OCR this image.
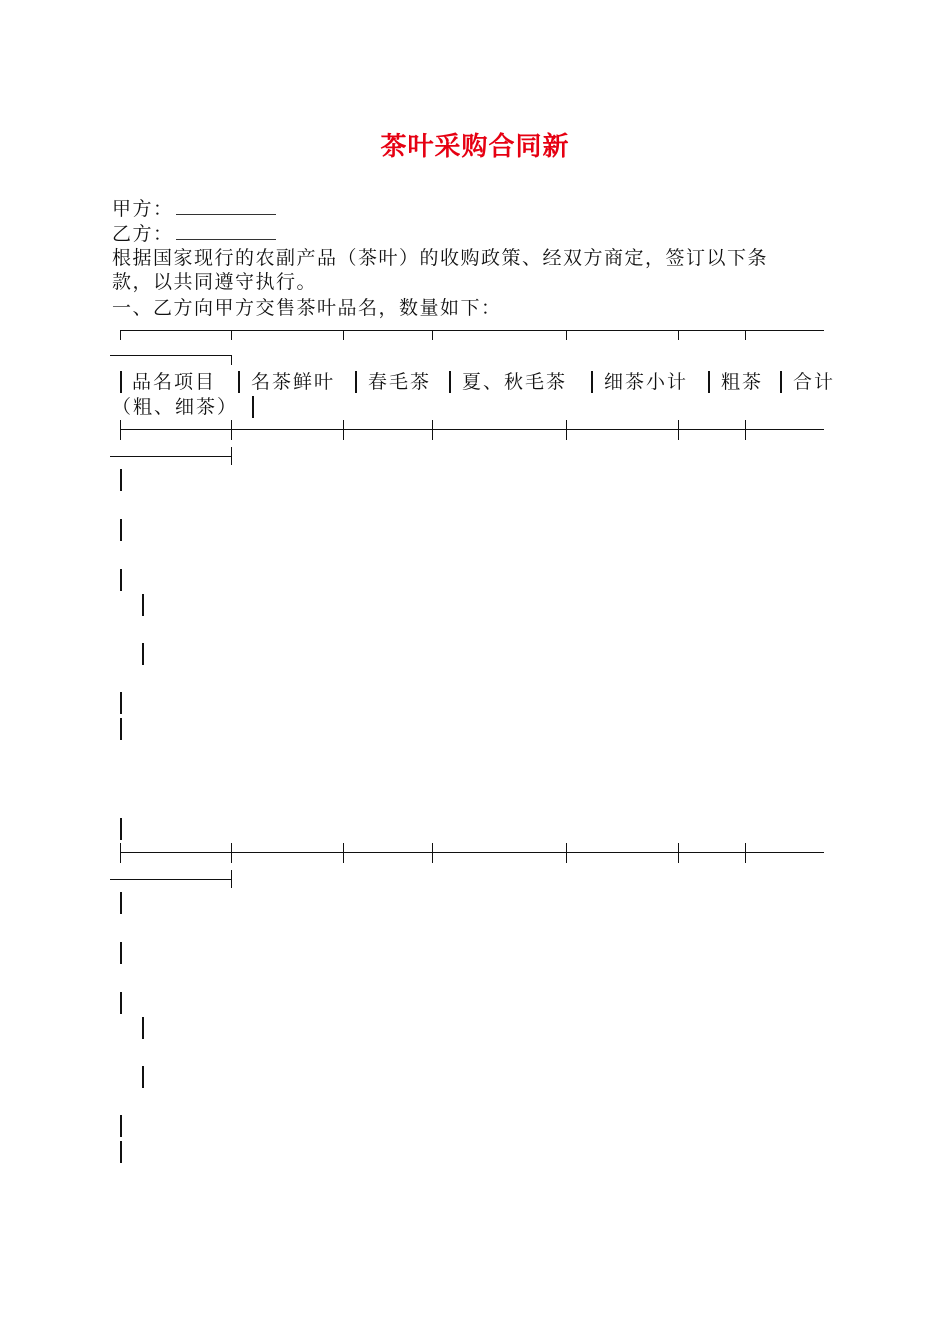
茶叶采购合同新
甲方：
乙方：
根据国家现行的农副产品（茶叶）的收购政策、经双方商定，签订以下条
款，以共同遵守执行。
一、乙方向甲方交售茶叶品名，数量如下：
品名项目 名茶鲜叶 春毛茶 夏、秋毛茶 细茶小计 粗茶 合计
（粗、细茶）
